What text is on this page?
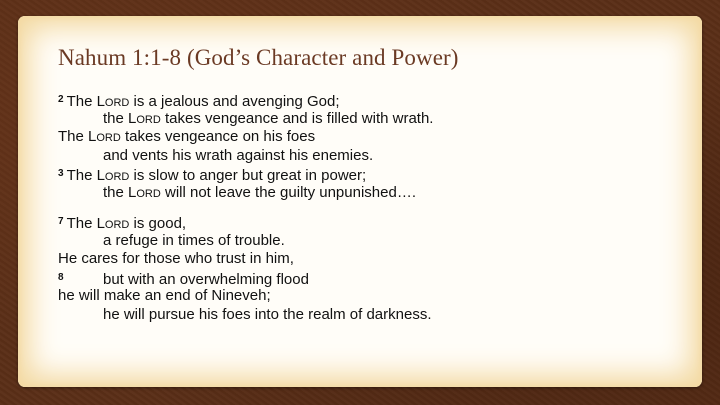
Nahum 1:1-8 (God’s Character and Power)
$^2$ The Lord is a jealous and avenging God;
the Lord takes vengeance and is filled with wrath.
The Lord takes vengeance on his foes
and vents his wrath against his enemies.
$^3$ The Lord is slow to anger but great in power;
the Lord will not leave the guilty unpunished….
$^7$ The Lord is good,
a refuge in times of trouble.
He cares for those who trust in him,
8	but with an overwhelming flood
he will make an end of Nineveh;
he will pursue his foes into the realm of darkness.
